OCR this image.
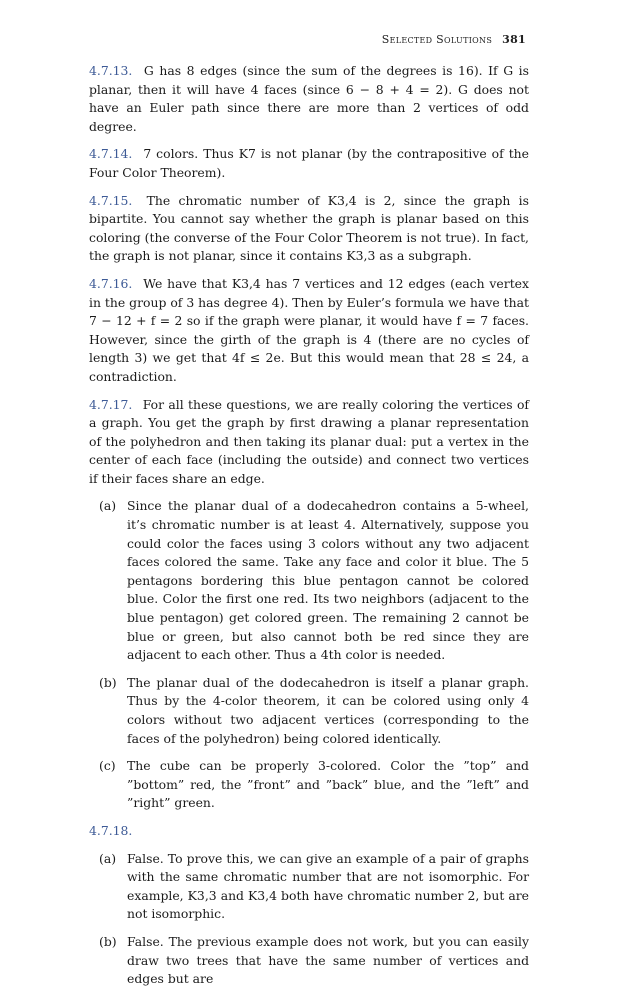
Selected Solutions 381
4.7.13. G has 8 edges (since the sum of the degrees is 16). If G is planar, then it will have 4 faces (since 6 − 8 + 4 = 2). G does not have an Euler path since there are more than 2 vertices of odd degree.
4.7.14. 7 colors. Thus K7 is not planar (by the contrapositive of the Four Color Theorem).
4.7.15. The chromatic number of K3,4 is 2, since the graph is bipartite. You cannot say whether the graph is planar based on this coloring (the converse of the Four Color Theorem is not true). In fact, the graph is not planar, since it contains K3,3 as a subgraph.
4.7.16. We have that K3,4 has 7 vertices and 12 edges (each vertex in the group of 3 has degree 4). Then by Euler’s formula we have that 7 − 12 + f = 2 so if the graph were planar, it would have f = 7 faces. However, since the girth of the graph is 4 (there are no cycles of length 3) we get that 4f ≤ 2e. But this would mean that 28 ≤ 24, a contradiction.
4.7.17. For all these questions, we are really coloring the vertices of a graph. You get the graph by first drawing a planar representation of the polyhedron and then taking its planar dual: put a vertex in the center of each face (including the outside) and connect two vertices if their faces share an edge.
(a) Since the planar dual of a dodecahedron contains a 5-wheel, it’s chromatic number is at least 4. Alternatively, suppose you could color the faces using 3 colors without any two adjacent faces colored the same. Take any face and color it blue. The 5 pentagons bordering this blue pentagon cannot be colored blue. Color the first one red. Its two neighbors (adjacent to the blue pentagon) get colored green. The remaining 2 cannot be blue or green, but also cannot both be red since they are adjacent to each other. Thus a 4th color is needed.
(b) The planar dual of the dodecahedron is itself a planar graph. Thus by the 4-color theorem, it can be colored using only 4 colors without two adjacent vertices (corresponding to the faces of the polyhedron) being colored identically.
(c) The cube can be properly 3-colored. Color the ”top” and ”bottom” red, the ”front” and ”back” blue, and the ”left” and ”right” green.
4.7.18.
(a) False. To prove this, we can give an example of a pair of graphs with the same chromatic number that are not isomorphic. For example, K3,3 and K3,4 both have chromatic number 2, but are not isomorphic.
(b) False. The previous example does not work, but you can easily draw two trees that have the same number of vertices and edges but are
